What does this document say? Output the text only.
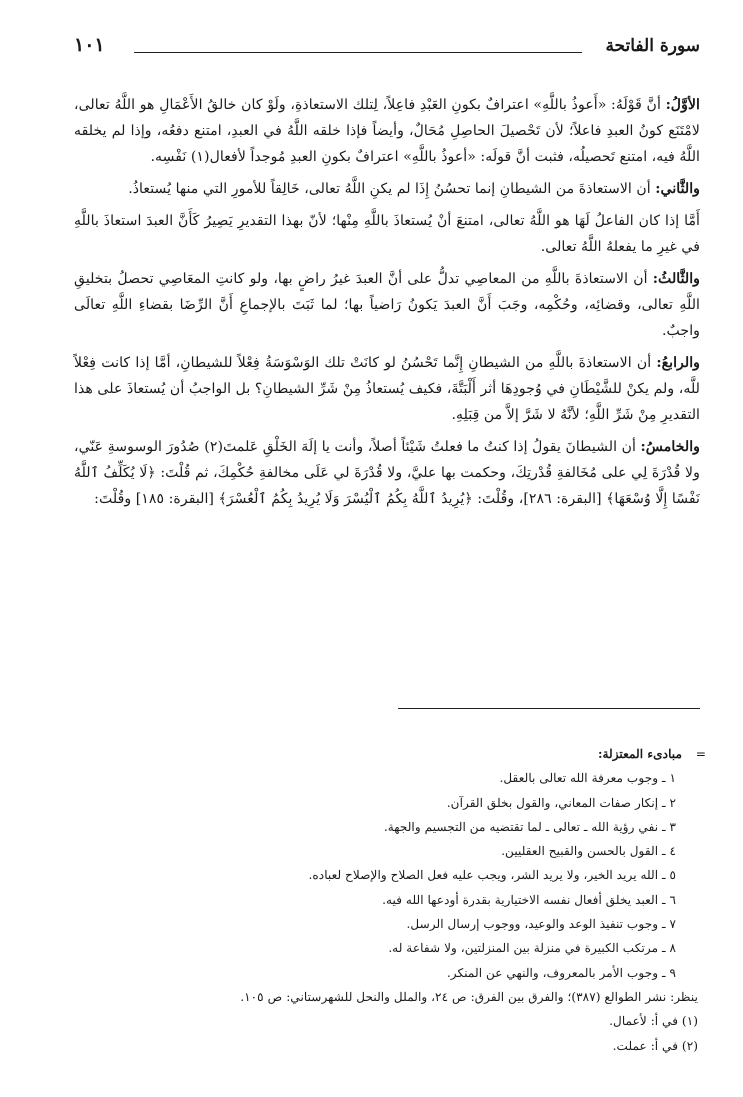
سورة الفاتحة
١٠١

الأوَّلُ: أنَّ قَوْلَهُ: «أَعوذُ باللَّهِ» اعترافٌ بكونِ العَبْدِ فاعِلاً، لِتلك الاستعاذةِ، ولَوْ كان خالقُ الأَعْمَالِ هو اللَّهُ تعالى، لامْتَنَع كونُ العبدِ فاعلاً؛ لأن تَحْصيلَ الحاصِلِ مُحَالٌ، وأيضاً فإذا خلقه اللَّهُ في العبدِ، امتنع دفعُه، وإذا لم يخلقه اللَّهُ فيه، امتنع تَحصيلُه، فثبت أنَّ قولَه: «أعوذُ باللَّهِ» اعترافٌ بكونِ العبدِ مُوجداً لأفعال(١) نَفْسِه.

والثَّاني: أن الاستعاذةَ من الشيطانِ إنما تحسُنُ إِذَا لم يكنِ اللَّهُ تعالى، خَالِقاً للأمورِ التي منها يُستعاذُ.

أَمَّا إذا كان الفاعلُ لَهَا هو اللَّهُ تعالى، امتنعَ أنْ يُستعاذَ باللَّهِ مِنْها؛ لأنّ بهذا التقديرِ يَصِيرُ كَأَنَّ العبدَ استعاذَ باللَّهِ في غيرِ ما يفعلهُ اللَّهُ تعالى.

والثَّالثُ: أن الاستعاذةَ باللَّهِ من المعاصِي تدلُّ على أنَّ العبدَ غيرُ راضٍ بها، ولو كانتِ المعَاصِي تحصلُ بتخليقِ اللَّهِ تعالى، وقضائِه، وحُكْمِه، وجَبَ أَنَّ العبدَ يَكونُ رَاضياً بها؛ لما ثَبَتَ بالإجماعِ أَنَّ الرِّضَا بقضاءِ اللَّهِ تعالَى واجبٌ.

والرابعُ: أن الاستعاذةَ باللَّهِ من الشيطانِ إِنَّما تَحْسُنُ لو كانَتْ تلك الوَسْوَسَةُ فِعْلاً للشيطانِ، أمَّا إذا كانت فِعْلاً للَّه، ولم يكنْ للشَّيْطَانِ في وُجودِهَا أثر أَلْبَتَّةَ، فكيف يُستعاذُ مِنْ شَرِّ الشيطانِ؟ بل الواجبُ أن يُستعاذَ على هذا التقديرِ مِنْ شَرِّ اللَّهِ؛ لأنَّهُ لا شَرَّ إلاَّ من قِبَلِهِ.

والخامسُ: أن الشيطانَ يقولُ إذا كنتُ ما فعلتُ شَيْئاً أصلاً، وأنت يا إلَهَ الخَلْقِ عَلمتَ(٢) صُدُورَ الوسوسةِ عَنّي، ولا قُدْرَةَ لِي على مُخَالفةِ قُدْرتِكَ، وحكمت بها عليَّ، ولا قُدْرَةَ لي عَلَى مخالفةِ حُكْمِكَ، ثم قُلْتَ: ﴿لَا يُكَلِّفُ ٱللَّهُ نَفْسًا إِلَّا وُسْعَهَا﴾ [البقرة: ٢٨٦]، وقُلْتَ: ﴿يُرِيدُ ٱللَّهُ بِكُمُ ٱلْيُسْرَ وَلَا يُرِيدُ بِكُمُ ٱلْعُسْرَ﴾ [البقرة: ١٨٥] وقُلْتَ:

=
مبادىء المعتزلة:
١ ـ وجوب معرفة الله تعالى بالعقل.
٢ ـ إنكار صفات المعاني، والقول بخلق القرآن.
٣ ـ نفي رؤية الله ـ تعالى ـ لما تقتضيه من التجسيم والجهة.
٤ ـ القول بالحسن والقبيح العقليين.
٥ ـ الله يريد الخير، ولا يريد الشر، ويجب عليه فعل الصلاح والإصلاح لعباده.
٦ ـ العبد يخلق أفعال نفسه الاختيارية بقدرة أودعها الله فيه.
٧ ـ وجوب تنفيذ الوعد والوعيد، ووجوب إرسال الرسل.
٨ ـ مرتكب الكبيرة في منزلة بين المنزلتين، ولا شفاعة له.
٩ ـ وجوب الأمر بالمعروف، والنهي عن المنكر.
ينظر: نشر الطوالع (٣٨٧)؛ والفرق بين الفرق: ص ٢٤، والملل والنحل للشهرستاني: ص ١٠٥.
(١) في أ: لأعمال.
(٢) في أ: عملت.
